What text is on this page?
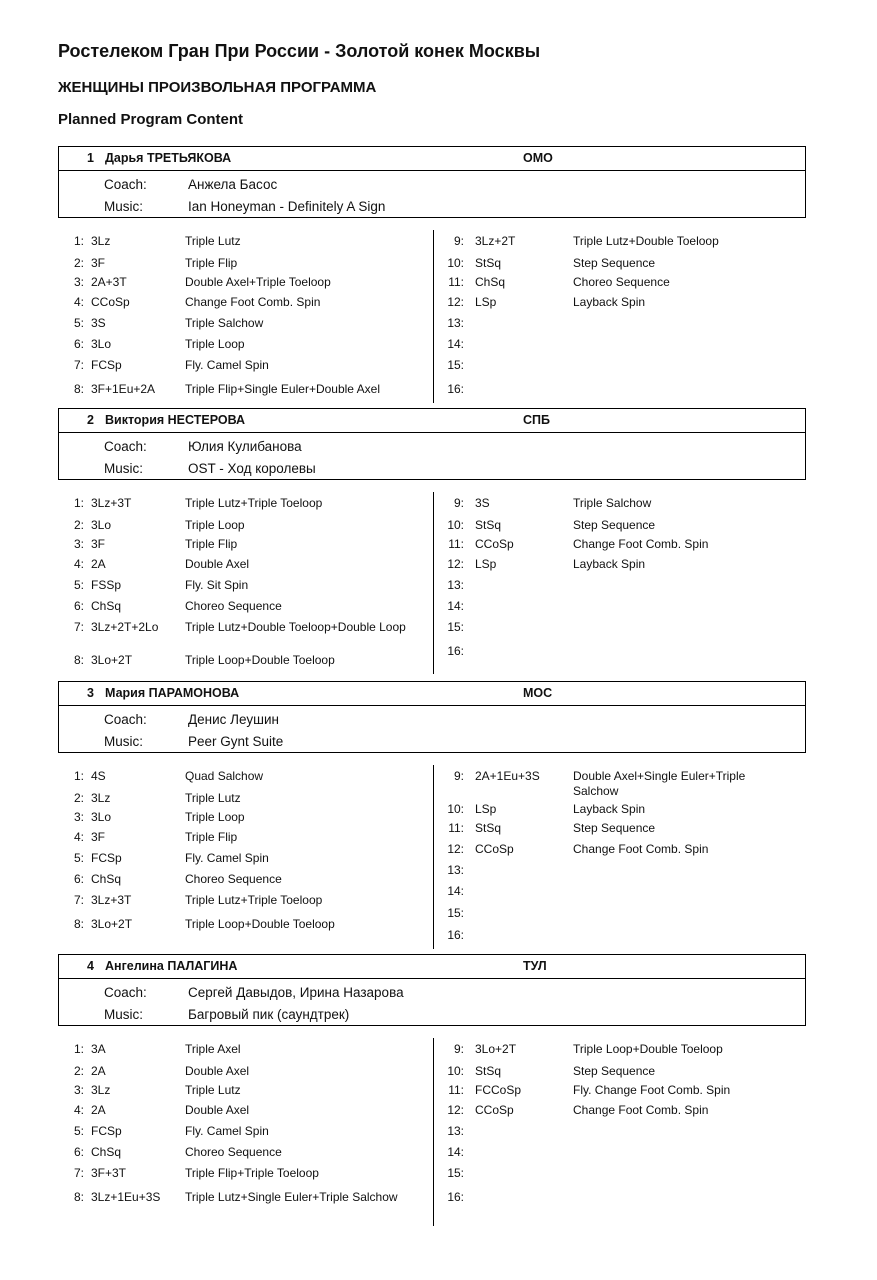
Ростелеком Гран При России - Золотой конек Москвы
ЖЕНЩИНЫ ПРОИЗВОЛЬНАЯ ПРОГРАММА
Planned Program Content
1 Дарья ТРЕТЬЯКОВА	ОМО
Coach:	Анжела Басос
Music:	Ian Honeyman - Definitely A Sign
1: 3Lz	Triple Lutz
2: 3F	Triple Flip
3: 2A+3T	Double Axel+Triple Toeloop
4: CCoSp	Change Foot Comb. Spin
5: 3S	Triple Salchow
6: 3Lo	Triple Loop
7: FCSp	Fly. Camel Spin
8: 3F+1Eu+2A Triple Flip+Single Euler+Double Axel
9: 3Lz+2T	Triple Lutz+Double Toeloop
10: StSq	Step Sequence
11: ChSq	Choreo Sequence
12: LSp	Layback Spin
13:
14:
15:
16:
2 Виктория НЕСТЕРОВА	СПБ
Coach:	Юлия Кулибанова
Music:	OST - Ход королевы
1: 3Lz+3T	Triple Lutz+Triple Toeloop
2: 3Lo	Triple Loop
3: 3F	Triple Flip
4: 2A	Double Axel
5: FSSp	Fly. Sit Spin
6: ChSq	Choreo Sequence
7: 3Lz+2T+2Lo Triple Lutz+Double Toeloop+Double Loop
8: 3Lo+2T	Triple Loop+Double Toeloop
9: 3S	Triple Salchow
10: StSq	Step Sequence
11: CCoSp	Change Foot Comb. Spin
12: LSp	Layback Spin
13:
14:
15:
16:
3 Мария ПАРАМОНОВА	МОС
Coach:	Денис Леушин
Music:	Peer Gynt Suite
1: 4S	Quad Salchow
2: 3Lz	Triple Lutz
3: 3Lo	Triple Loop
4: 3F	Triple Flip
5: FCSp	Fly. Camel Spin
6: ChSq	Choreo Sequence
7: 3Lz+3T	Triple Lutz+Triple Toeloop
8: 3Lo+2T	Triple Loop+Double Toeloop
9: 2A+1Eu+3S	Double Axel+Single Euler+Triple Salchow
10: LSp	Layback Spin
11: StSq	Step Sequence
12: CCoSp	Change Foot Comb. Spin
13:
14:
15:
16:
4 Ангелина ПАЛАГИНА	ТУЛ
Coach:	Сергей Давыдов, Ирина Назарова
Music:	Багровый пик (саундтрек)
1: 3A	Triple Axel
2: 2A	Double Axel
3: 3Lz	Triple Lutz
4: 2A	Double Axel
5: FCSp	Fly. Camel Spin
6: ChSq	Choreo Sequence
7: 3F+3T	Triple Flip+Triple Toeloop
8: 3Lz+1Eu+3S Triple Lutz+Single Euler+Triple Salchow
9: 3Lo+2T	Triple Loop+Double Toeloop
10: StSq	Step Sequence
11: FCCoSp	Fly. Change Foot Comb. Spin
12: CCoSp	Change Foot Comb. Spin
13:
14:
15:
16:
